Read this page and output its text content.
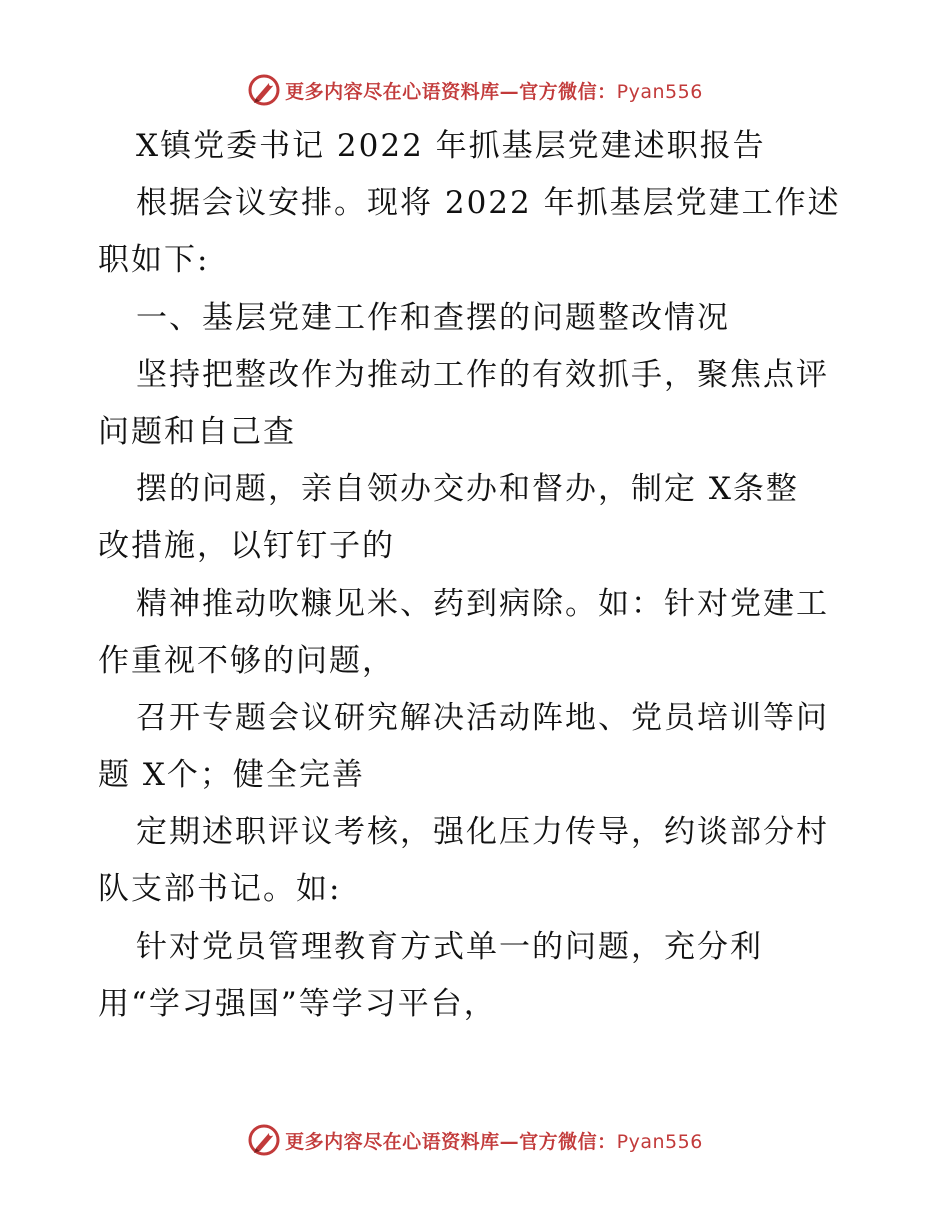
更多内容尽在心语资料库—官方微信：Pyan556
X镇党委书记 2022 年抓基层党建述职报告
根据会议安排。现将 2022 年抓基层党建工作述
职如下:
一、基层党建工作和查摆的问题整改情况
坚持把整改作为推动工作的有效抓手，聚焦点评
问题和自己查
摆的问题，亲自领办交办和督办，制定 X条整
改措施，以钉钉子的
精神推动吹糠见米、药到病除。如：针对党建工
作重视不够的问题，
召开专题会议研究解决活动阵地、党员培训等问
题 X个；健全完善
定期述职评议考核，强化压力传导，约谈部分村
队支部书记。如:
针对党员管理教育方式单一的问题，充分利
用“学习强国”等学习平台，
更多内容尽在心语资料库—官方微信：Pyan556
